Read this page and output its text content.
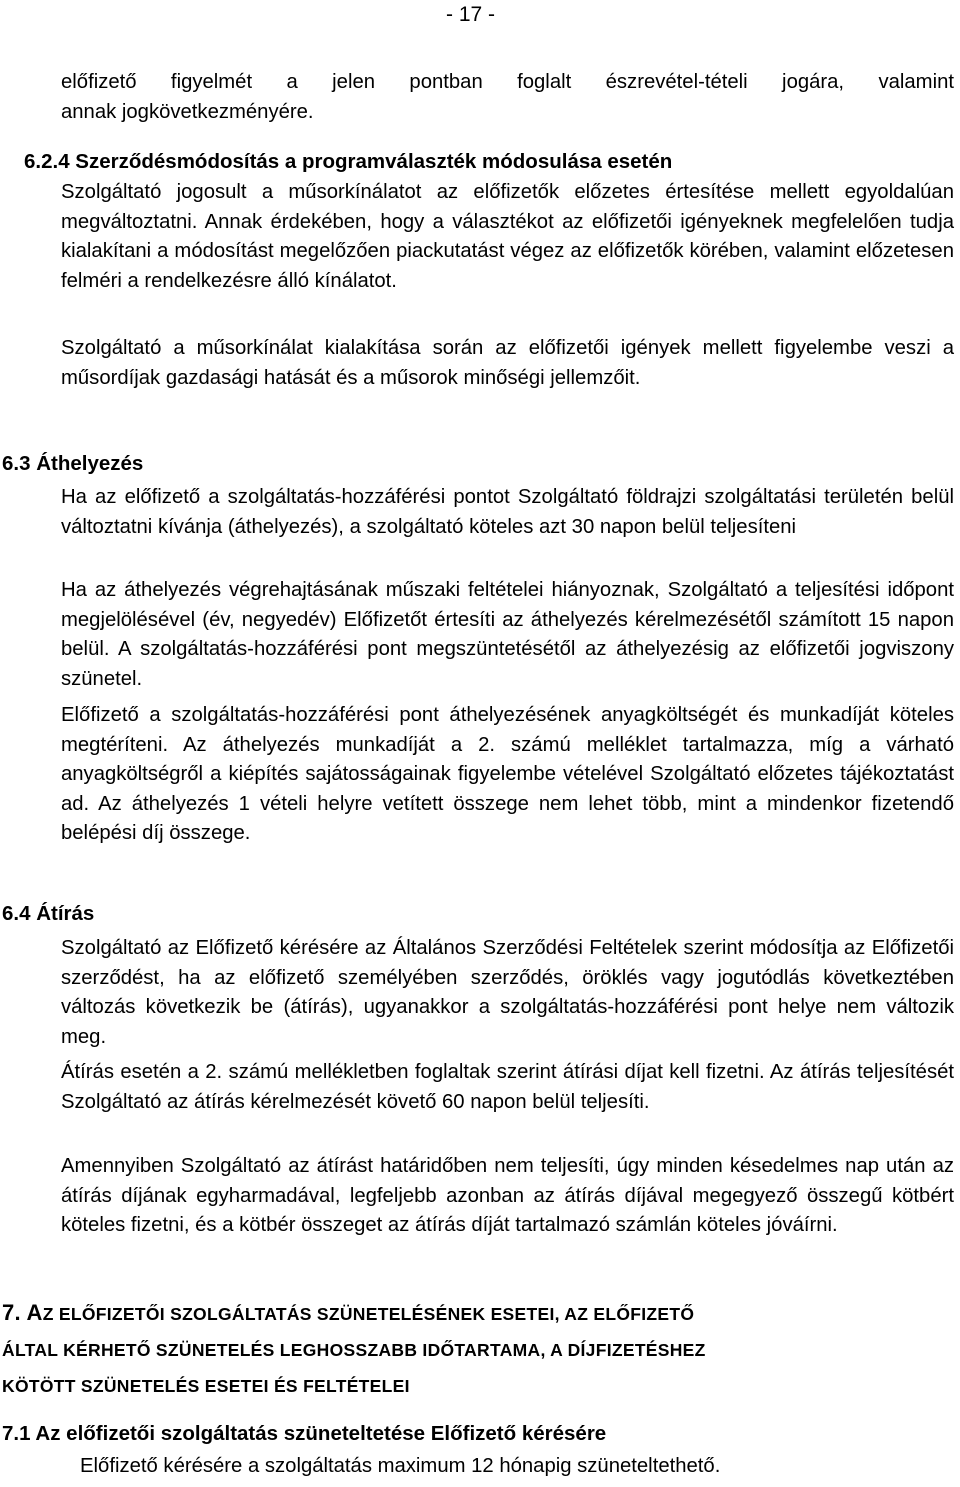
- 17 -

előfizető figyelmét a jelen pontban foglalt észrevétel-tételi jogára, valamint

annak jogkövetkezményére.

6.2.4 Szerződésmódosítás a programválaszték módosulása esetén

Szolgáltató jogosult a műsorkínálatot az előfizetők előzetes értesítése mellett egyoldalúan megváltoztatni. Annak érdekében, hogy a választékot az előfizetői igényeknek megfelelően tudja kialakítani a módosítást megelőzően piackutatást végez az előfizetők körében, valamint előzetesen felméri a rendelkezésre álló kínálatot.

Szolgáltató a műsorkínálat kialakítása során az előfizetői igények mellett figyelembe veszi a műsordíjak gazdasági hatását és a műsorok minőségi jellemzőit.

6.3 Áthelyezés

Ha az előfizető a szolgáltatás-hozzáférési pontot Szolgáltató földrajzi szolgáltatási területén belül változtatni kívánja (áthelyezés), a szolgáltató köteles azt 30 napon belül teljesíteni

Ha az áthelyezés végrehajtásának műszaki feltételei hiányoznak, Szolgáltató a teljesítési időpont megjelölésével (év, negyedév) Előfizetőt értesíti az áthelyezés kérelmezésétől számított 15 napon belül. A szolgáltatás-hozzáférési pont megszüntetésétől az áthelyezésig az előfizetői jogviszony szünetel.

Előfizető a szolgáltatás-hozzáférési pont áthelyezésének anyagköltségét és munkadíját köteles megtéríteni. Az áthelyezés munkadíját a 2. számú melléklet tartalmazza, míg a várható anyagköltségről a kiépítés sajátosságainak figyelembe vételével Szolgáltató előzetes tájékoztatást ad. Az áthelyezés 1 vételi helyre vetített összege nem lehet több, mint a mindenkor fizetendő belépési díj összege.

6.4 Átírás

Szolgáltató az Előfizető kérésére az Általános Szerződési Feltételek szerint módosítja az Előfizetői szerződést, ha az előfizető személyében szerződés, öröklés vagy jogutódlás következtében változás következik be (átírás), ugyanakkor a szolgáltatás-hozzáférési pont helye nem változik meg.

Átírás esetén a 2. számú mellékletben foglaltak szerint átírási díjat kell fizetni. Az átírás teljesítését Szolgáltató az átírás kérelmezését követő 60 napon belül teljesíti.

Amennyiben Szolgáltató az átírást határidőben nem teljesíti, úgy minden késedelmes nap után az átírás díjának egyharmadával, legfeljebb azonban az átírás díjával megegyező összegű kötbért köteles fizetni, és a kötbér összeget az átírás díját tartalmazó számlán köteles jóváírni.

7. AZ ELŐFIZETŐI SZOLGÁLTATÁS SZÜNETELÉSÉNEK ESETEI, AZ ELŐFIZETŐ
ÁLTAL KÉRHETŐ SZÜNETELÉS LEGHOSSZABB IDŐTARTAMA, A DÍJFIZETÉSHEZ
KÖTÖTT SZÜNETELÉS ESETEI ÉS FELTÉTELEI
7.1 Az előfizetői szolgáltatás szüneteltetése Előfizető kérésére

Előfizető kérésére a szolgáltatás maximum 12 hónapig szüneteltethető.
